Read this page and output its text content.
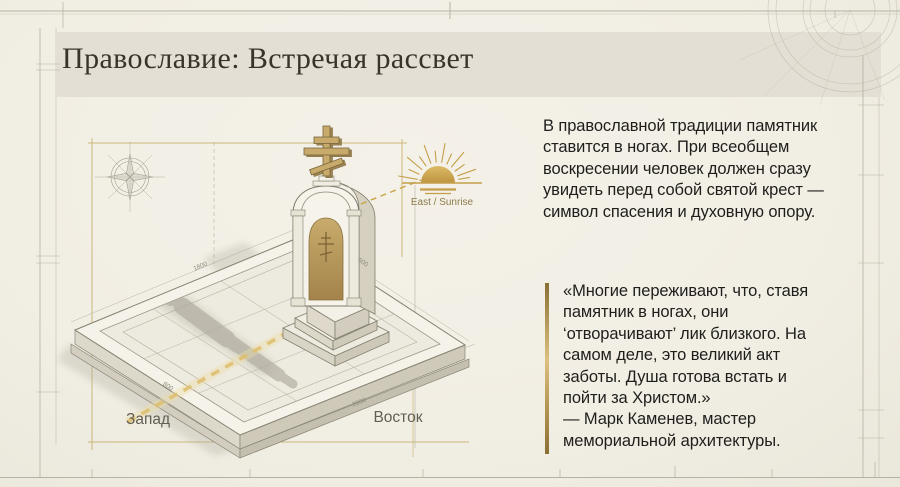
Православие: Встречая рассвет
East / Sunrise
1800	600
2000
800
Запад	Восток
В православной традиции памятник
ставится в ногах. При всеобщем
воскресении человек должен сразу
увидеть перед собой святой крест —
символ спасения и духовную опору.
«Многие переживают, что, ставя
памятник в ногах, они
‘отворачивают’ лик близкого. На
самом деле, это великий акт
заботы. Душа готова встать и
пойти за Христом.»
— Марк Каменев, мастер
мемориальной архитектуры.
